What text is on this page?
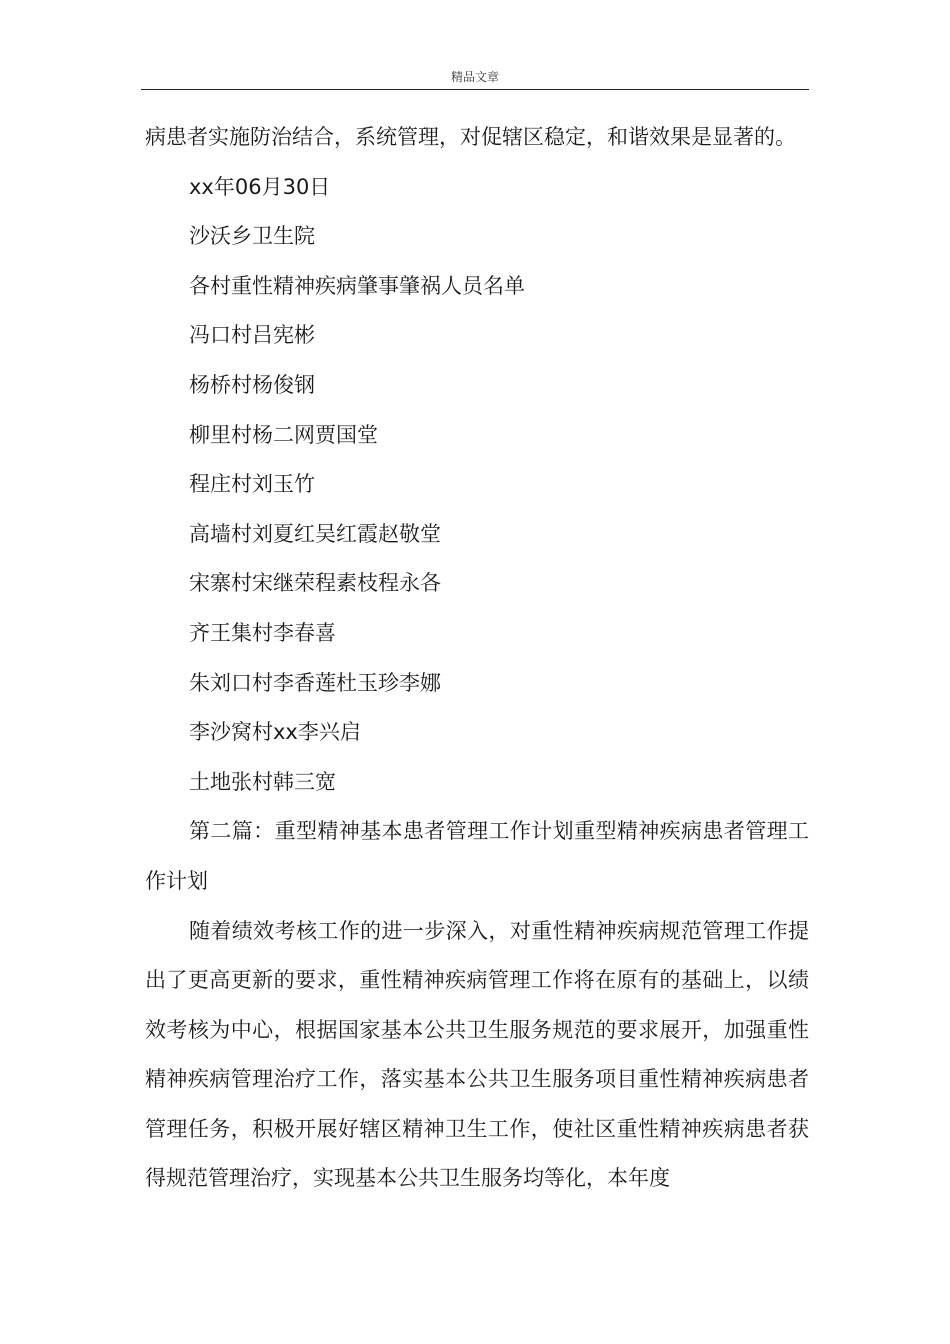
精品文章

病患者实施防治结合，系统管理，对促辖区稳定，和谐效果是显著的。

xx年06月30日

沙沃乡卫生院

各村重性精神疾病肇事肇祸人员名单

冯口村吕宪彬

杨桥村杨俊钢

柳里村杨二网贾国堂

程庄村刘玉竹

高墙村刘夏红吴红霞赵敬堂

宋寨村宋继荣程素枝程永各

齐王集村李春喜

朱刘口村李香莲杜玉珍李娜

李沙窝村xx李兴启

土地张村韩三宽

第二篇：重型精神基本患者管理工作计划重型精神疾病患者管理工作计划

随着绩效考核工作的进一步深入，对重性精神疾病规范管理工作提出了更高更新的要求，重性精神疾病管理工作将在原有的基础上，以绩效考核为中心，根据国家基本公共卫生服务规范的要求展开，加强重性精神疾病管理治疗工作，落实基本公共卫生服务项目重性精神疾病患者管理任务，积极开展好辖区精神卫生工作，使社区重性精神疾病患者获得规范管理治疗，实现基本公共卫生服务均等化，本年度
